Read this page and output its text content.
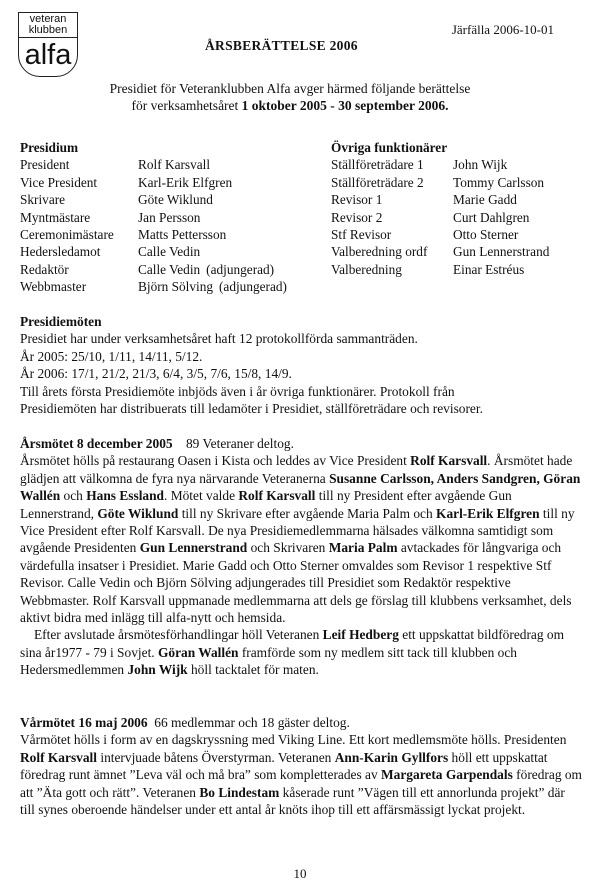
veteran klubben
alfa
Järfälla 2006-10-01
ÅRSBERÄTTELSE 2006
Presidiet för Veteranklubben Alfa avger härmed följande berättelse
för verksamhetsåret 1 oktober 2005 - 30 september 2006.
Presidium
President	Rolf Karsvall
Vice President	Karl-Erik Elfgren
Skrivare	Göte Wiklund
Myntmästare	Jan Persson
Ceremonimästare	Matts Pettersson
Hedersledamot	Calle Vedin
Redaktör	Calle Vedin (adjungerad)
Webbmaster	Björn Sölving (adjungerad)
Övriga funktionärer
Ställföreträdare 1	John Wijk
Ställföreträdare 2	Tommy Carlsson
Revisor 1	Marie Gadd
Revisor 2	Curt Dahlgren
Stf Revisor	Otto Sterner
Valberedning ordf	Gun Lennerstrand
Valberedning	Einar Estréus

Presidiemöten

Presidiet har under verksamhetsåret haft 12 protokollförda sammanträden.

År 2005: 25/10, 1/11, 14/11, 5/12.

År 2006: 17/1, 21/2, 21/3, 6/4, 3/5, 7/6, 15/8, 14/9.

Till årets första Presidiemöte inbjöds även i år övriga funktionärer. Protokoll från

Presidiemöten har distribuerats till ledamöter i Presidiet, ställföreträdare och revisorer.

Årsmötet 8 december 2005 89 Veteraner deltog.

Årsmötet hölls på restaurang Oasen i Kista och leddes av Vice President Rolf Karsvall. Årsmötet hade glädjen att välkomna de fyra nya närvarande Veteranerna Susanne Carlsson, Anders Sandgren, Göran Wallén och Hans Essland. Mötet valde Rolf Karsvall till ny President efter avgående Gun Lennerstrand, Göte Wiklund till ny Skrivare efter avgående Maria Palm och Karl-Erik Elfgren till ny Vice President efter Rolf Karsvall. De nya Presidiemedlemmarna hälsades välkomna samtidigt som avgående Presidenten Gun Lennerstrand och Skrivaren Maria Palm avtackades för långvariga och värdefulla insatser i Presidiet. Marie Gadd och Otto Sterner omvaldes som Revisor 1 respektive Stf Revisor. Calle Vedin och Björn Sölving adjungerades till Presidiet som Redaktör respektive Webbmaster. Rolf Karsvall uppmanade medlemmarna att dels ge förslag till klubbens verksamhet, dels aktivt bidra med inlägg till alfa-nytt och hemsida.

Efter avslutade årsmötesförhandlingar höll Veteranen Leif Hedberg ett uppskattat bildföredrag om sina år1977 - 79 i Sovjet. Göran Wallén framförde som ny medlem sitt tack till klubben och Hedersmedlemmen John Wijk höll tacktalet för maten.

Vårmötet 16 maj 2006 66 medlemmar och 18 gäster deltog.

Vårmötet hölls i form av en dagskryssning med Viking Line. Ett kort medlemsmöte hölls. Presidenten Rolf Karsvall intervjuade båtens Överstyrman. Veteranen Ann-Karin Gyllfors höll ett uppskattat föredrag runt ämnet ”Leva väl och må bra” som kompletterades av Margareta Garpendals föredrag om att ”Äta gott och rätt”. Veteranen Bo Lindestam kåserade runt ”Vägen till ett annorlunda projekt” där till synes oberoende händelser under ett antal år knöts ihop till ett affärsmässigt lyckat projekt.

10
